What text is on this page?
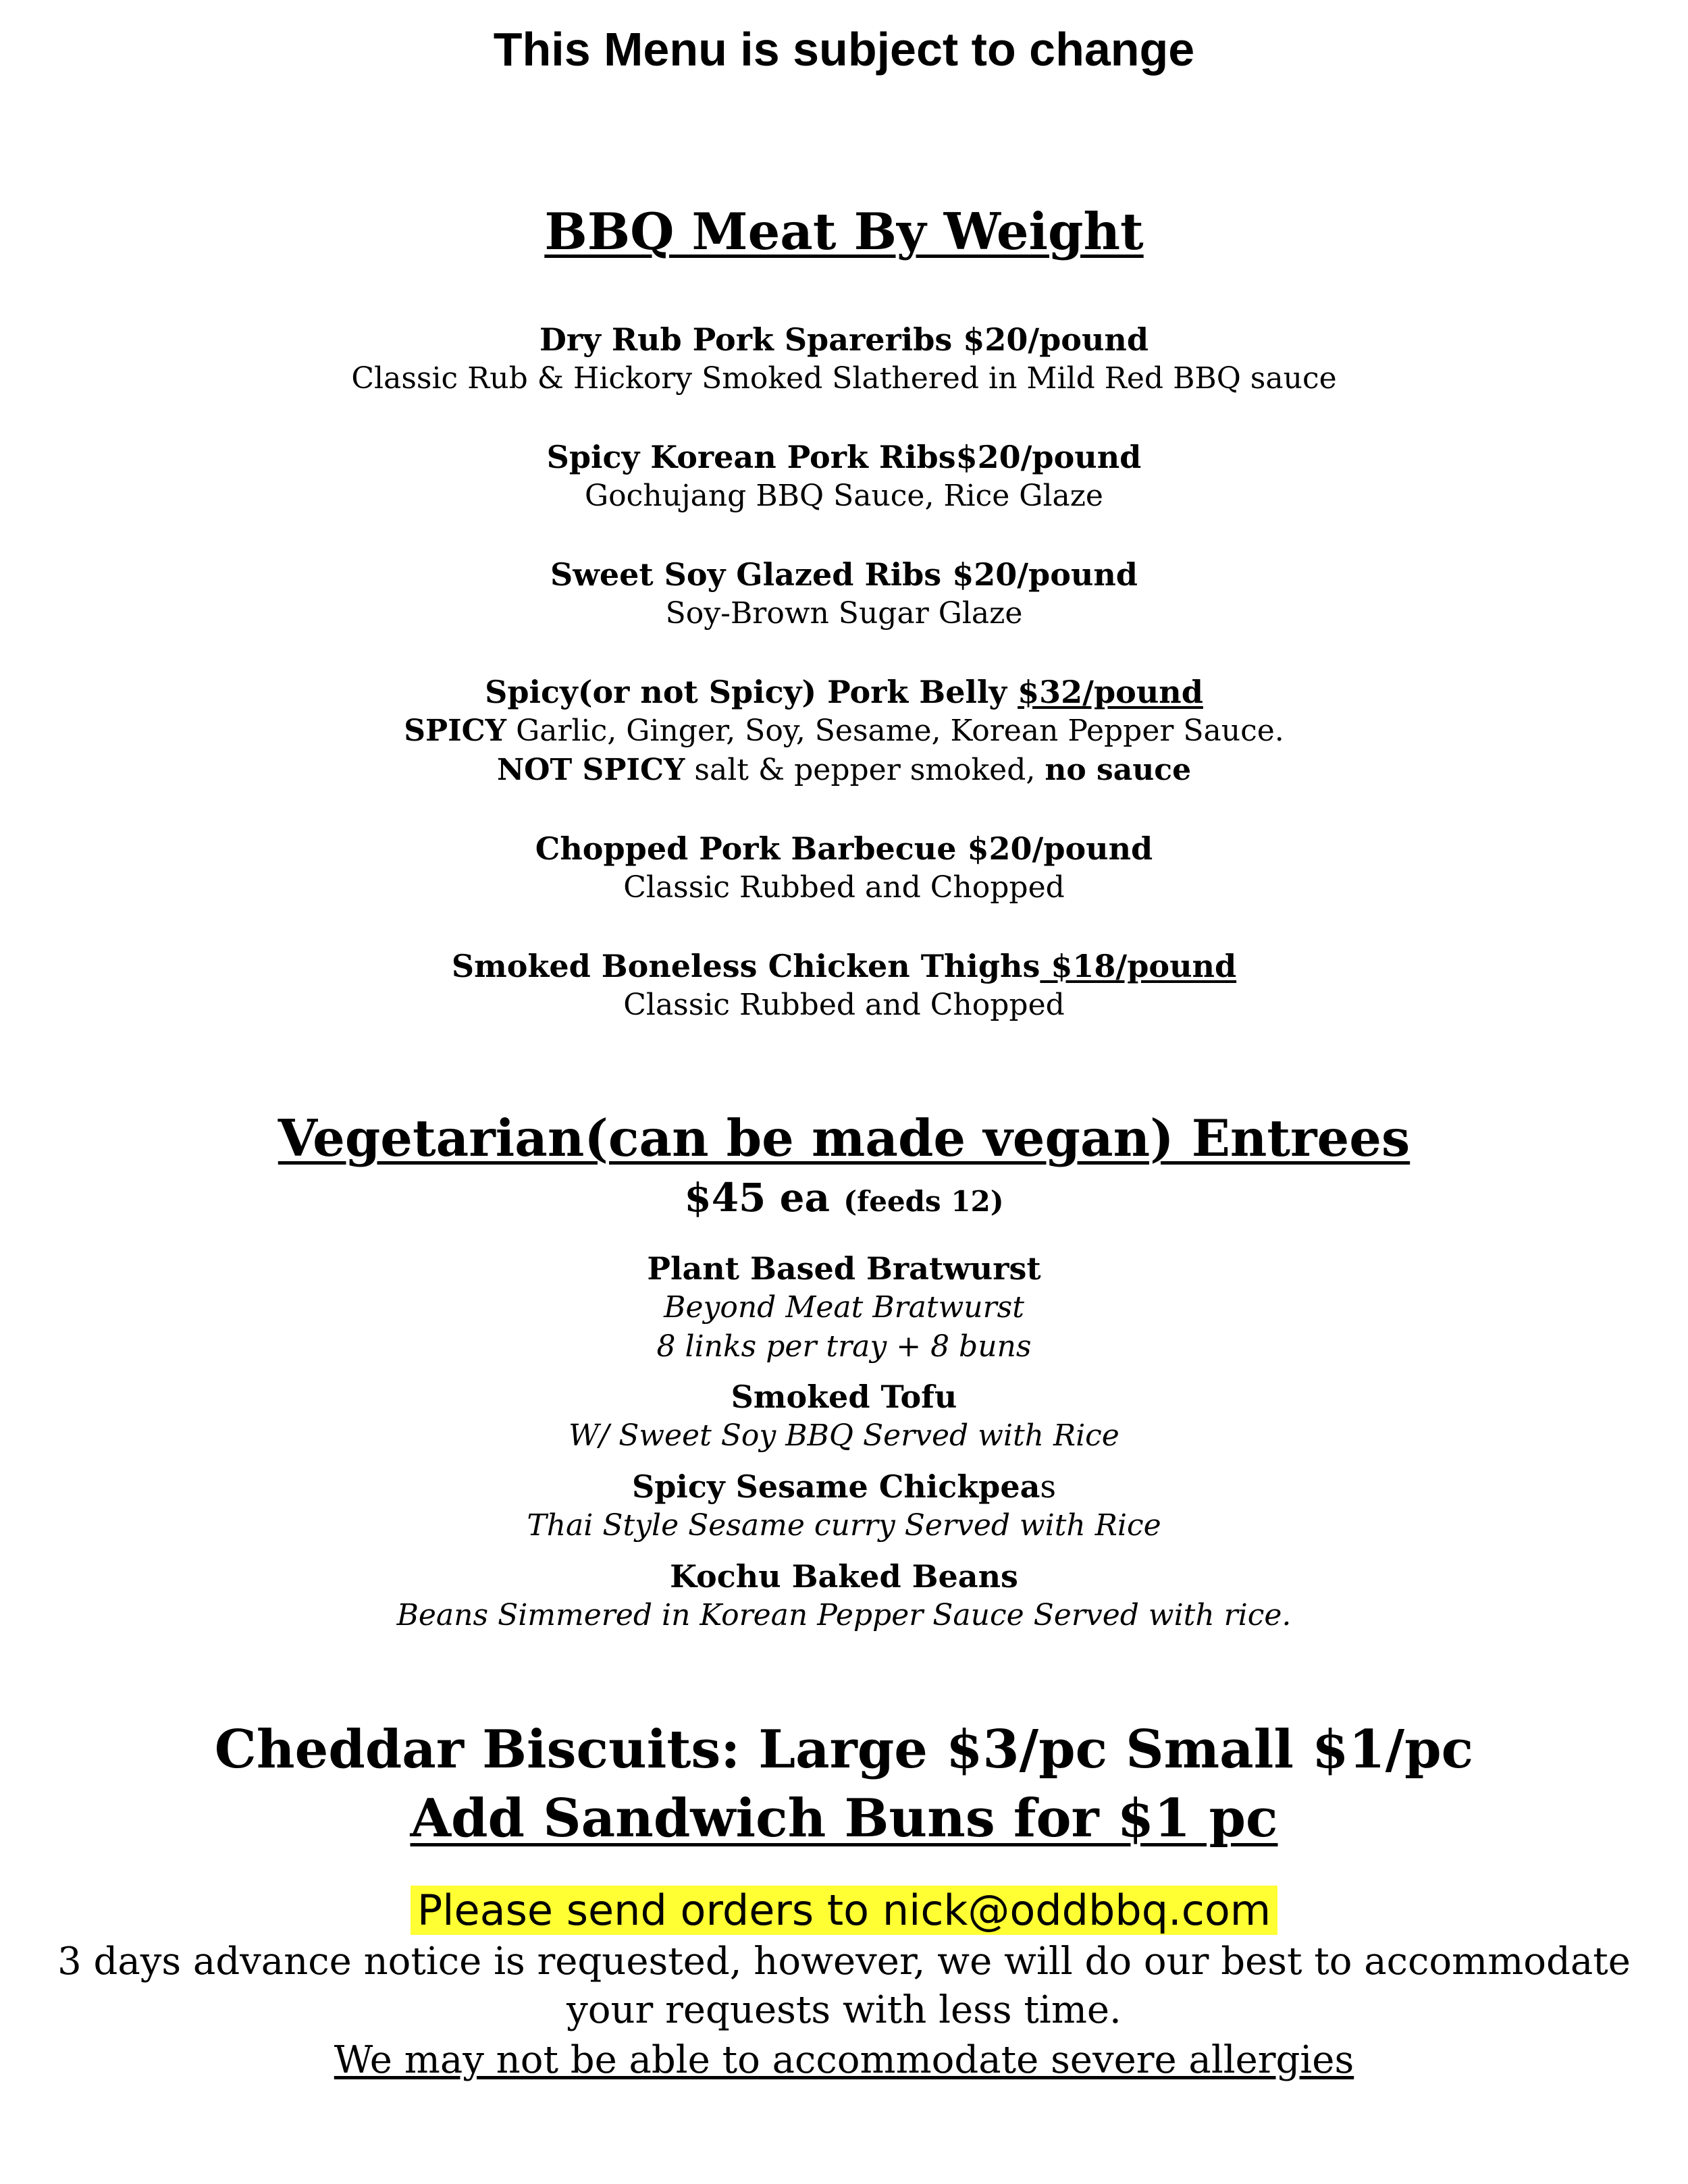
This Menu is subject to change
BBQ Meat By Weight
Dry Rub Pork Spareribs $20/pound
Classic Rub & Hickory Smoked Slathered in Mild Red BBQ sauce
Spicy Korean Pork Ribs$20/pound
Gochujang BBQ Sauce, Rice Glaze
Sweet Soy Glazed Ribs $20/pound
Soy-Brown Sugar Glaze
Spicy(or not Spicy) Pork Belly $32/pound
SPICY Garlic, Ginger, Soy, Sesame, Korean Pepper Sauce.
NOT SPICY salt & pepper smoked, no sauce
Chopped Pork Barbecue $20/pound
Classic Rubbed and Chopped
Smoked Boneless Chicken Thighs $18/pound
Classic Rubbed and Chopped
Vegetarian(can be made vegan) Entrees
$45 ea (feeds 12)
Plant Based Bratwurst
Beyond Meat Bratwurst
8 links per tray + 8 buns
Smoked Tofu
W/ Sweet Soy BBQ Served with Rice
Spicy Sesame Chickpeas
Thai Style Sesame curry Served with Rice
Kochu Baked Beans
Beans Simmered in Korean Pepper Sauce Served with rice.
Cheddar Biscuits: Large $3/pc Small $1/pc
Add Sandwich Buns for $1 pc
Please send orders to nick@oddbbq.com
3 days advance notice is requested, however, we will do our best to accommodate
your requests with less time.
We may not be able to accommodate severe allergies
